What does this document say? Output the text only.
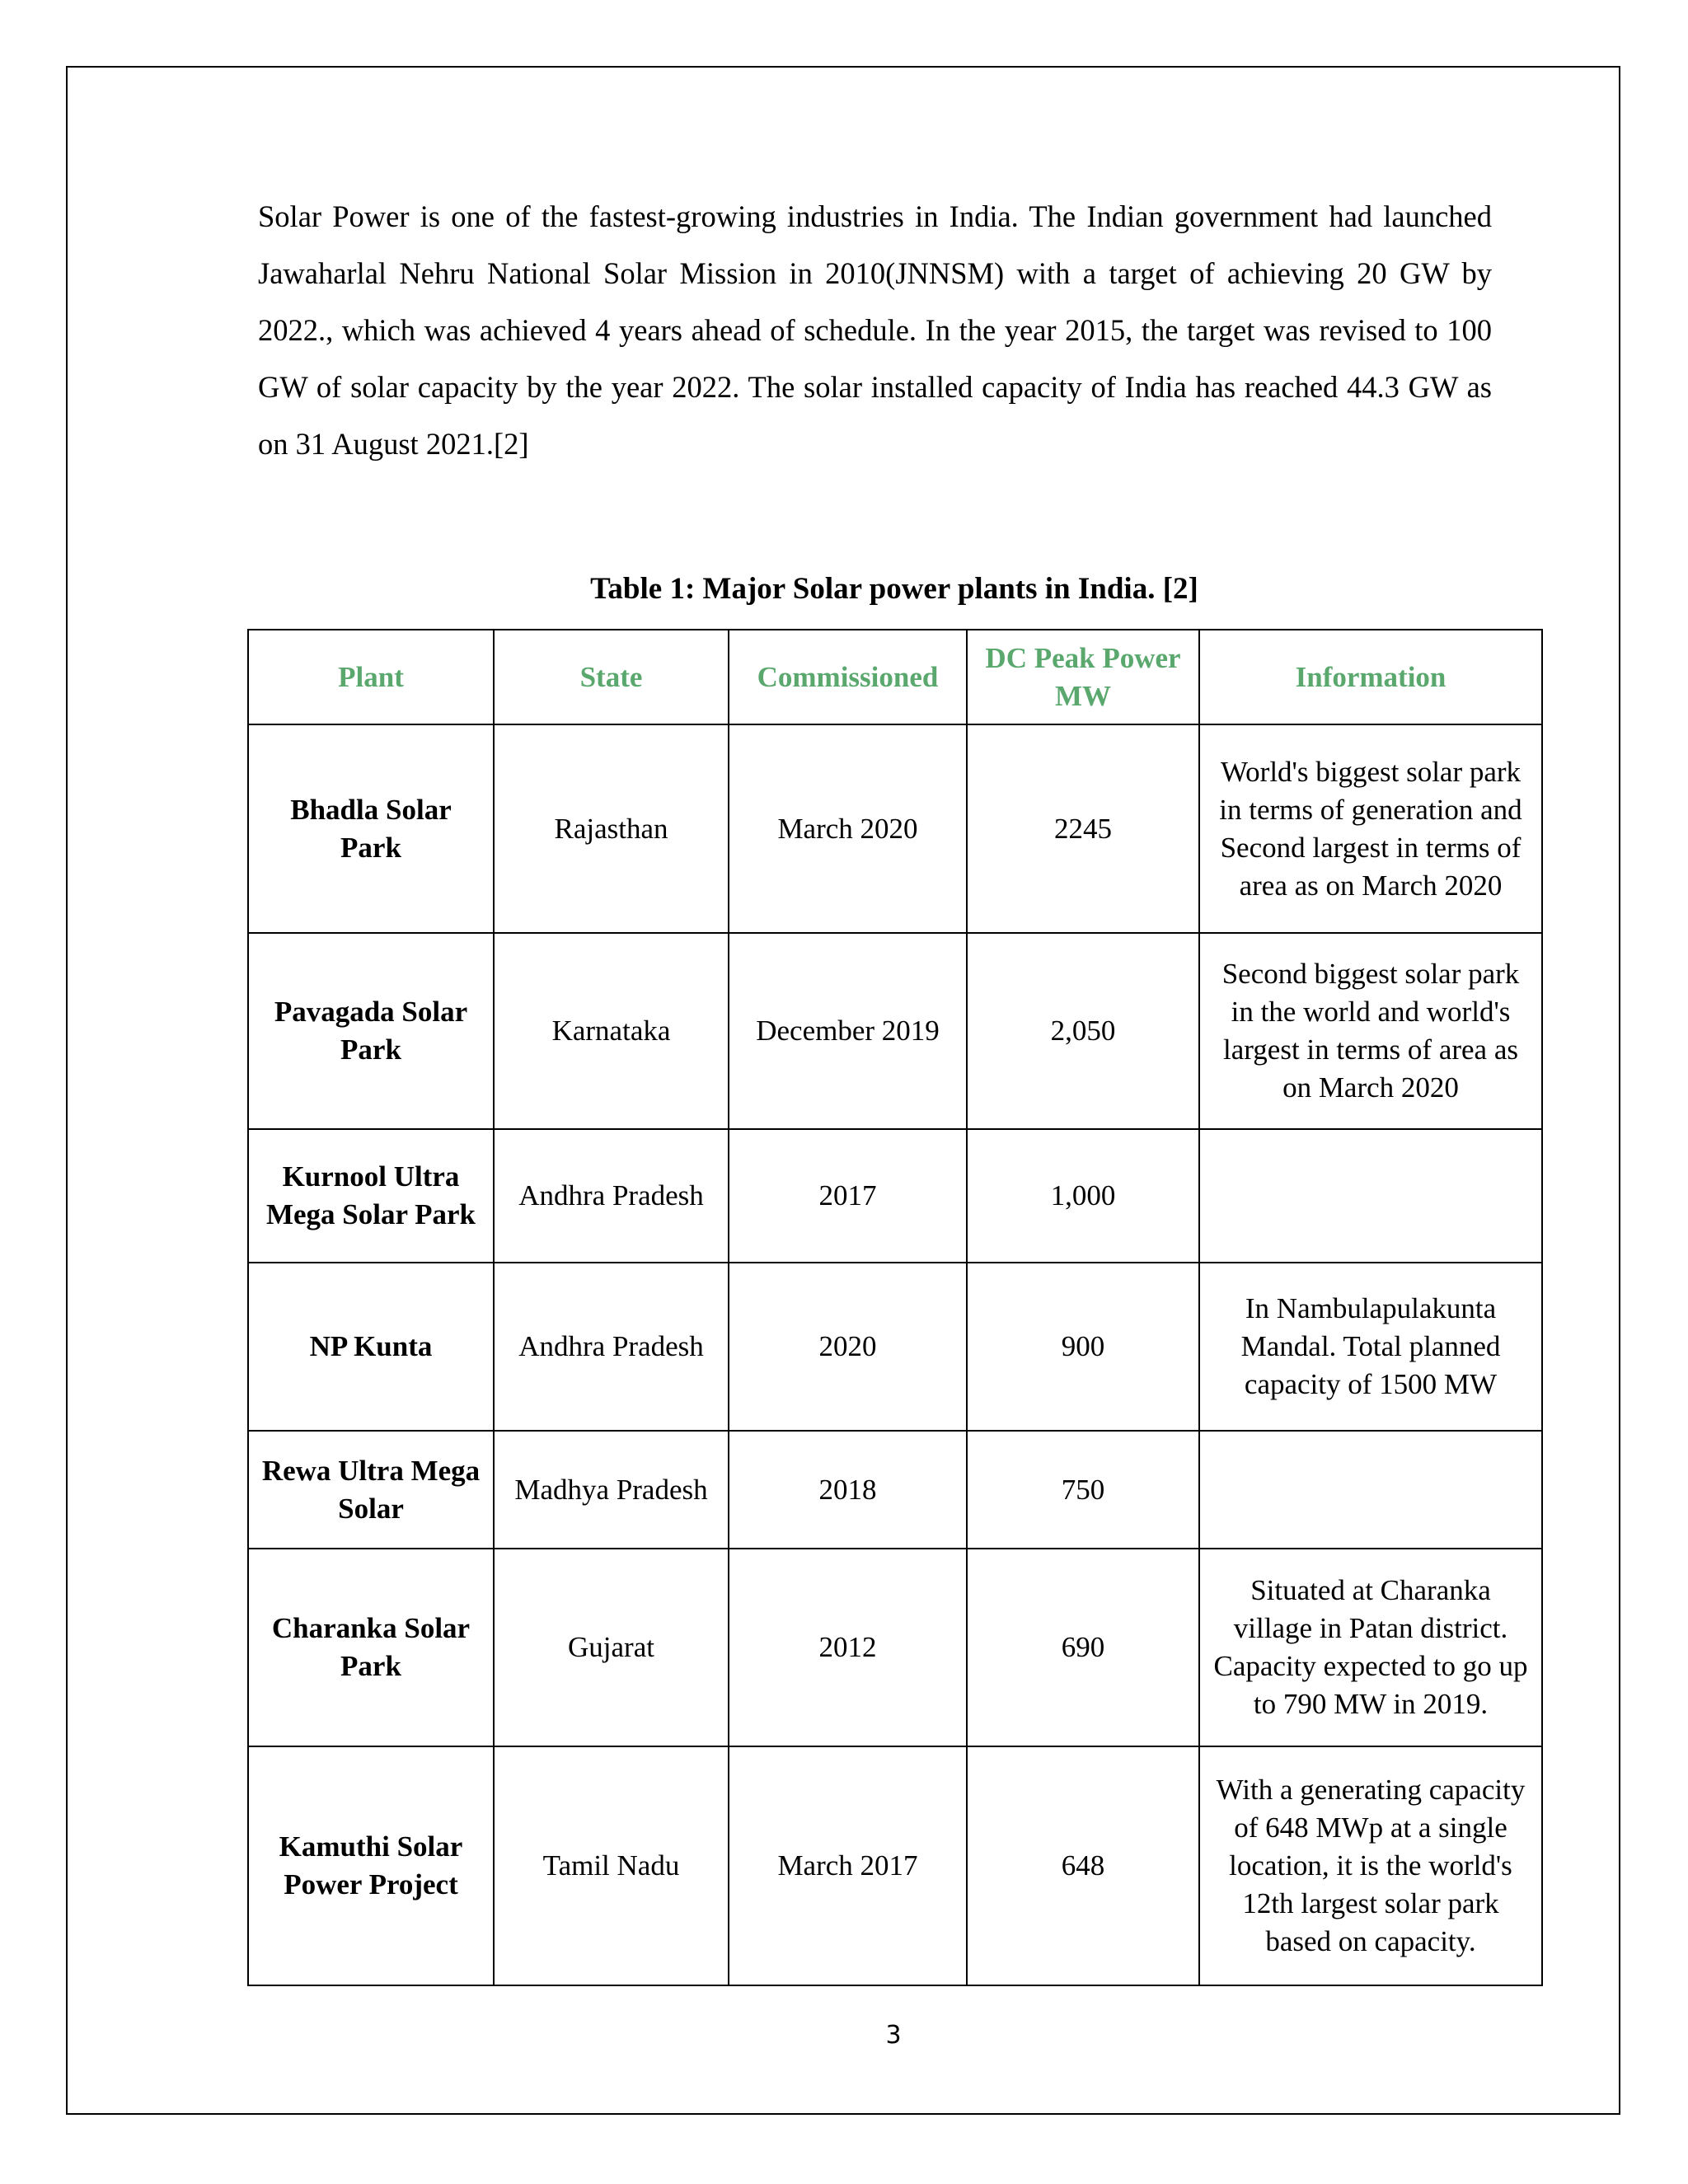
Solar Power is one of the fastest-growing industries in India. The Indian government had launched Jawaharlal Nehru National Solar Mission in 2010(JNNSM) with a target of achieving 20 GW by 2022., which was achieved 4 years ahead of schedule. In the year 2015, the target was revised to 100 GW of solar capacity by the year 2022. The solar installed capacity of India has reached 44.3 GW as on 31 August 2021.[2]

Table 1: Major Solar power plants in India. [2]

Plant	State	Commissioned	DC Peak Power MW	Information
Bhadla Solar Park	Rajasthan	March 2020	2245	World's biggest solar park in terms of generation and Second largest in terms of area as on March 2020
Pavagada Solar Park	Karnataka	December 2019	2,050	Second biggest solar park in the world and world's largest in terms of area as on March 2020
Kurnool Ultra Mega Solar Park	Andhra Pradesh	2017	1,000	
NP Kunta	Andhra Pradesh	2020	900	In Nambulapulakunta Mandal. Total planned capacity of 1500 MW
Rewa Ultra Mega Solar	Madhya Pradesh	2018	750	
Charanka Solar Park	Gujarat	2012	690	Situated at Charanka village in Patan district. Capacity expected to go up to 790 MW in 2019.
Kamuthi Solar Power Project	Tamil Nadu	March 2017	648	With a generating capacity of 648 MWp at a single location, it is the world's 12th largest solar park based on capacity.
3
